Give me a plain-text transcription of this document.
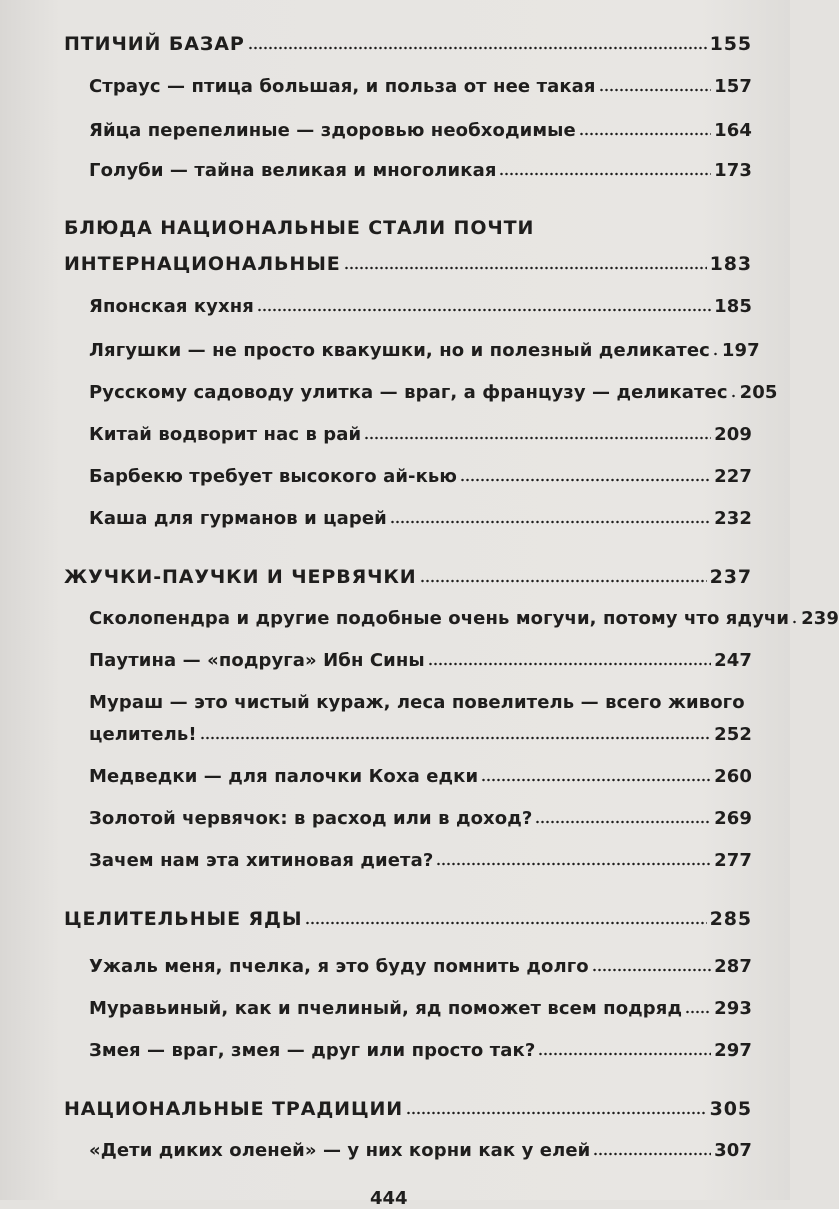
ПТИЧИЙ БАЗАР	155
Страус — птица большая, и польза от нее такая	157
Яйца перепелиные — здоровью необходимые	164
Голуби — тайна великая и многоликая	173
БЛЮДА НАЦИОНАЛЬНЫЕ СТАЛИ ПОЧТИ
ИНТЕРНАЦИОНАЛЬНЫЕ	183
Японская кухня	185
Лягушки — не просто квакушки, но и полезный деликатес 197
Русскому садоводу улитка — враг, а французу — деликатес 205
Китай водворит нас в рай	209
Барбекю требует высокого ай-кью	227
Каша для гурманов и царей	232
ЖУЧКИ-ПАУЧКИ И ЧЕРВЯЧКИ	237
Сколопендра и другие подобные очень могучи, потому что ядучи 239
Паутина — «подруга» Ибн Сины	247
Мураш — это чистый кураж, леса повелитель — всего живого
целитель!	252
Медведки — для палочки Коха едки	260
Золотой червячок: в расход или в доход?	269
Зачем нам эта хитиновая диета?	277
ЦЕЛИТЕЛЬНЫЕ ЯДЫ	285
Ужаль меня, пчелка, я это буду помнить долго	287
Муравьиный, как и пчелиный, яд поможет всем подряд 293
Змея — враг, змея — друг или просто так?	297
НАЦИОНАЛЬНЫЕ ТРАДИЦИИ	305
«Дети диких оленей» — у них корни как у елей	307
444
